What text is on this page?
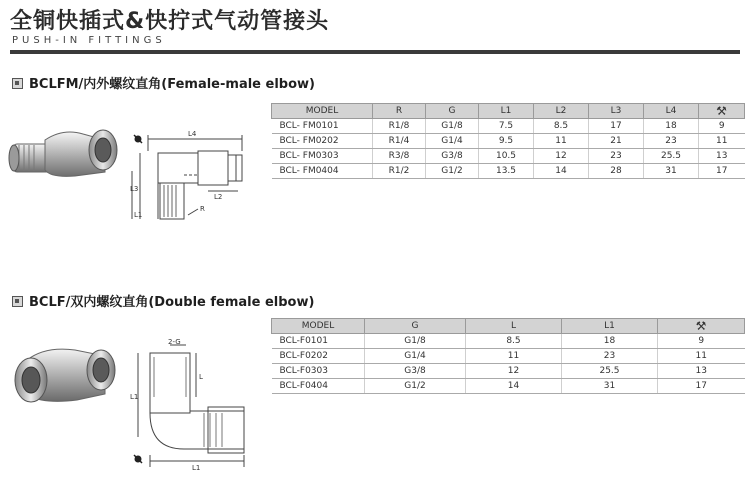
全铜快插式&快拧式气动管接头
PUSH-IN FITTINGS
BCLFM/内外螺纹直角(Female-male elbow)
L4
L3
L1
L2
R
MODEL	R	G	L1	L2	L3	L4	⚒
BCL- FM0101	R1/8	G1/8	7.5	8.5	17	18	9
BCL- FM0202	R1/4	G1/4	9.5	11	21	23	11
BCL- FM0303	R3/8	G3/8	10.5	12	23	25.5	13
BCL- FM0404	R1/2	G1/2	13.5	14	28	31	17
BCLF/双内螺纹直角(Double female elbow)
2-G
L
L1
L1
MODEL	G	L	L1	⚒
BCL-F0101	G1/8	8.5	18	9
BCL-F0202	G1/4	11	23	11
BCL-F0303	G3/8	12	25.5	13
BCL-F0404	G1/2	14	31	17
